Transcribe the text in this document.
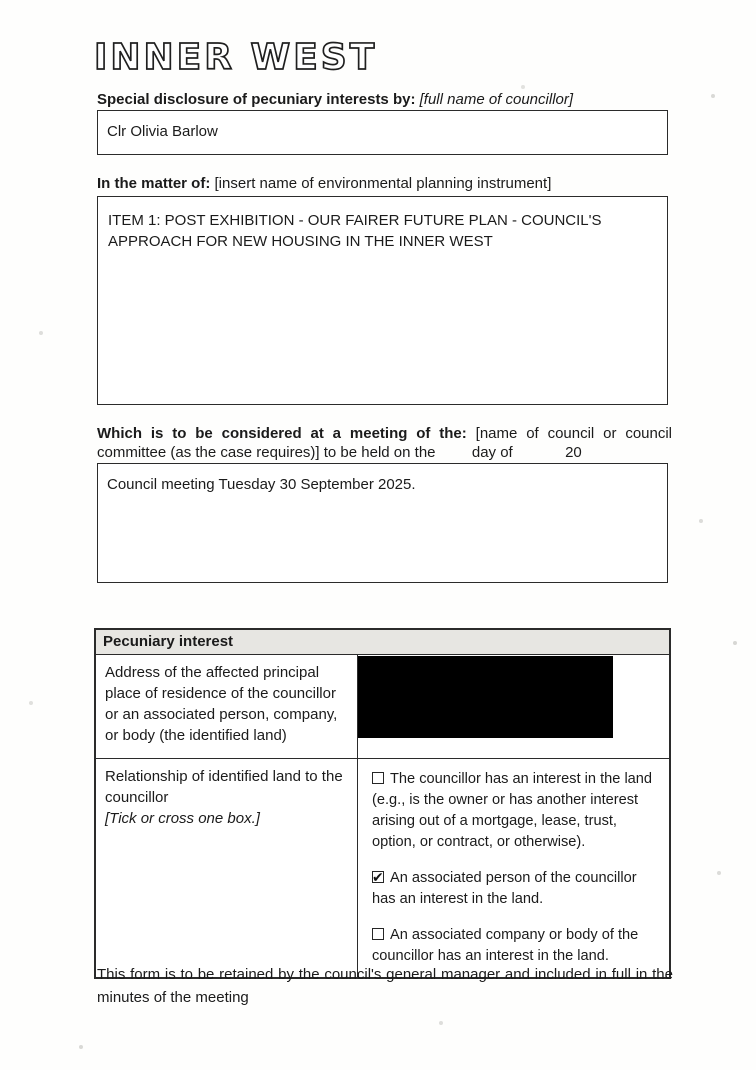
INNER WEST
Special disclosure of pecuniary interests by: [full name of councillor]
Clr Olivia Barlow
In the matter of: [insert name of environmental planning instrument]
ITEM 1: POST EXHIBITION - OUR FAIRER FUTURE PLAN - COUNCIL'S APPROACH FOR NEW HOUSING IN THE INNER WEST
Which is to be considered at a meeting of the: [name of council or council committee (as the case requires)] to be held on the day of	20
Council meeting Tuesday 30 September 2025.
Pecuniary interest
Address of the affected principal place of residence of the councillor or an associated person, company, or body (the identified land)
Relationship of identified land to the councillor
[Tick or cross one box.]

The councillor has an interest in the land (e.g., is the owner or has another interest arising out of a mortgage, lease, trust, option, or contract, or otherwise).

✔An associated person of the councillor has an interest in the land.

An associated company or body of the councillor has an interest in the land.

This form is to be retained by the council's general manager and included in full in the minutes of the meeting
